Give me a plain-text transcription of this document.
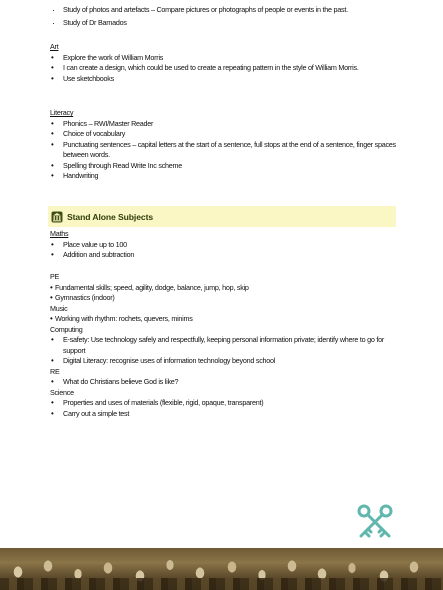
· Study of photos and artefacts – Compare pictures or photographs of people or events in the past.
· Study of Dr Barnados
Art
• Explore the work of William Morris
• I can create a design, which could be used to create a repeating pattern in the style of William Morris.
• Use sketchbooks
Literacy
• Phonics – RWI/Master Reader
• Choice of vocabulary
• Punctuating sentences – capital letters at the start of a sentence, full stops at the end of a sentence, finger spaces between words.
• Spelling through Read Write Inc scheme
• Handwriting
Stand Alone Subjects
Maths
• Place value up to 100
• Addition and subtraction
PE
• Fundamental skills; speed, agility, dodge, balance, jump, hop, skip
• Gymnastics (indoor)
Music
• Working with rhythm: rochets, quevers, minims
Computing
• E-safety: Use technology safely and respectfully, keeping personal information private; identify where to go for support
• Digital Literacy: recognise uses of information technology beyond school
RE
• What do Christians believe God is like?
Science
• Properties and uses of materials (flexible, rigid, opaque, transparent)
• Carry out a simple test
